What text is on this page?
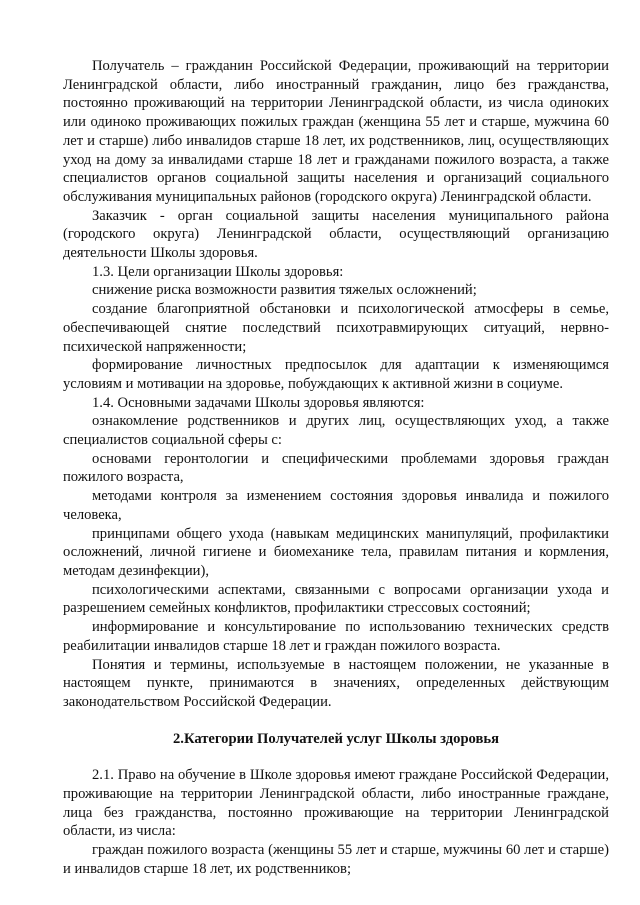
Получатель – гражданин Российской Федерации, проживающий на территории Ленинградской области, либо иностранный гражданин, лицо без гражданства, постоянно проживающий на территории Ленинградской области, из числа одиноких или одиноко проживающих пожилых граждан (женщина 55 лет и старше, мужчина 60 лет и старше) либо инвалидов старше 18 лет, их родственников, лиц, осуществляющих уход на дому за инвалидами старше 18 лет и гражданами пожилого возраста, а также специалистов органов социальной защиты населения и организаций социального обслуживания муниципальных районов (городского округа) Ленинградской области.

Заказчик - орган социальной защиты населения муниципального района (городского округа) Ленинградской области, осуществляющий организацию деятельности Школы здоровья.

1.3. Цели организации Школы здоровья:

снижение риска возможности развития тяжелых осложнений;

создание благоприятной обстановки и психологической атмосферы в семье, обеспечивающей снятие последствий психотравмирующих ситуаций, нервно-психической напряженности;

формирование личностных предпосылок для адаптации к изменяющимся условиям и мотивации на здоровье, побуждающих к активной жизни в социуме.

1.4. Основными задачами Школы здоровья являются:

ознакомление родственников и других лиц, осуществляющих уход, а также специалистов социальной сферы с:

основами геронтологии и специфическими проблемами здоровья граждан пожилого возраста,

методами контроля за изменением состояния здоровья инвалида и пожилого человека,

принципами общего ухода (навыкам медицинских манипуляций, профилактики осложнений, личной гигиене и биомеханике тела, правилам питания и кормления, методам дезинфекции),

психологическими аспектами, связанными с вопросами организации ухода и разрешением семейных конфликтов, профилактики стрессовых состояний;

информирование и консультирование по использованию технических средств реабилитации инвалидов старше 18 лет и граждан пожилого возраста.

Понятия и термины, используемые в настоящем положении, не указанные в настоящем пункте, принимаются в значениях, определенных действующим законодательством Российской Федерации.

2.Категории Получателей услуг Школы здоровья

2.1. Право на обучение в Школе здоровья имеют граждане Российской Федерации, проживающие на территории Ленинградской области, либо иностранные граждане, лица без гражданства, постоянно проживающие на территории Ленинградской области, из числа:

граждан пожилого возраста (женщины 55 лет и старше, мужчины 60 лет и старше) и инвалидов старше 18 лет, их родственников;
